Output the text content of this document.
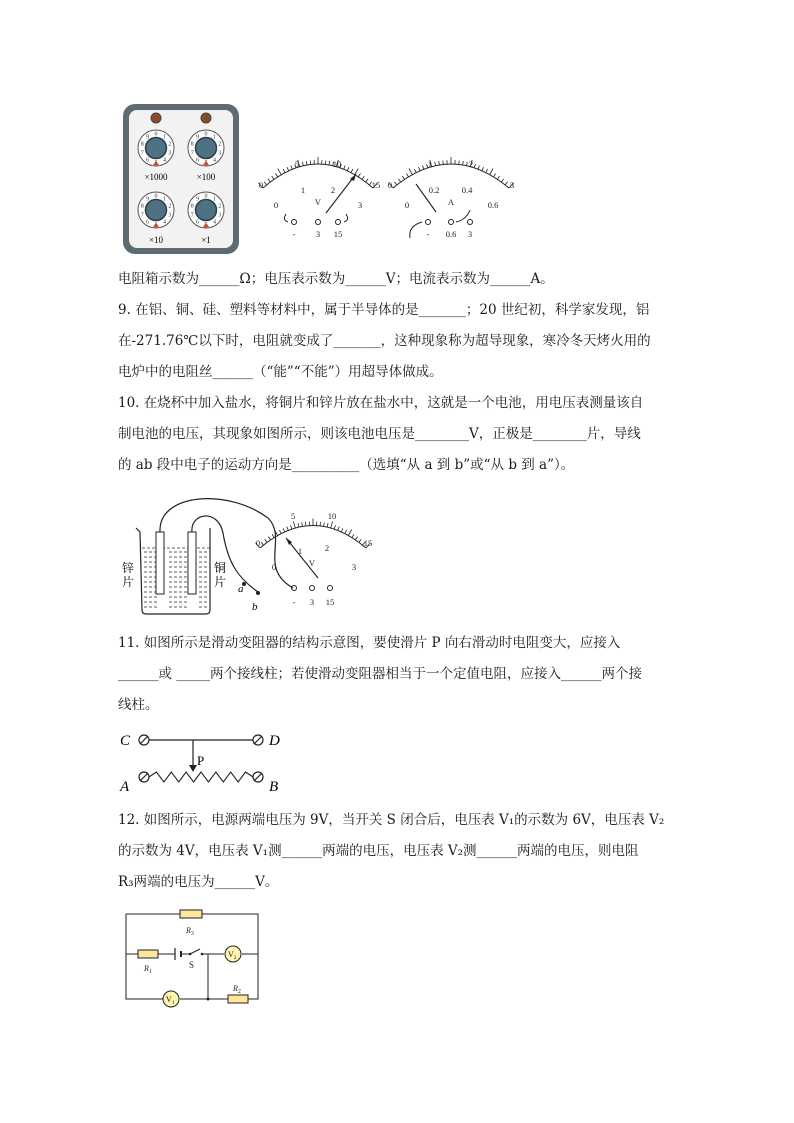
0 1
2
3
4
5
6
7
8
9	0 1
2
3
4
5
6
7
8
9
0 1
2
3
4
5
6
7
8
9	0 1
2
3
4
5
6
7
8
9
×1000	×100
×10	×1
0
5	10
15
0
1	2
3
V
- 3 15
0
1	2
3
0
0.2	0.4
0.6
A
- 0.6 3
电阻箱示数为______Ω；电压表示数为______V；电流表示数为______A。
9. 在铝、铜、硅、塑料等材料中，属于半导体的是_______；20 世纪初，科学家发现，铝
在-271.76℃以下时，电阻就变成了_______，这种现象称为超导现象，寒冷冬天烤火用的
电炉中的电阻丝______（“能”“不能”）用超导体做成。
10. 在烧杯中加入盐水，将铜片和锌片放在盐水中，这就是一个电池，用电压表测量该自
制电池的电压，其现象如图所示，则该电池电压是________V，正极是________片，导线
的 ab 段中电子的运动方向是__________（选填“从 a 到 b”或“从 b 到 a”）。
锌
片
铜
片 a
b
0
5	10
15
0
1	2
3
V
- 3 15
11. 如图所示是滑动变阻器的结构示意图，要使滑片 P 向右滑动时电阻变大，应接入
______或 _____两个接线柱；若使滑动变阻器相当于一个定值电阻，应接入______两个接
线柱。
C	D
P
A	B
12. 如图所示，电源两端电压为 9V，当开关 S 闭合后，电压表 V₁的示数为 6V，电压表 V₂
的示数为 4V，电压表 V₁测______两端的电压，电压表 V₂测______两端的电压，则电阻
R₃两端的电压为______V。
$R_3$
$R_1$
S
$V_2$
$V_1$
$R_2$
